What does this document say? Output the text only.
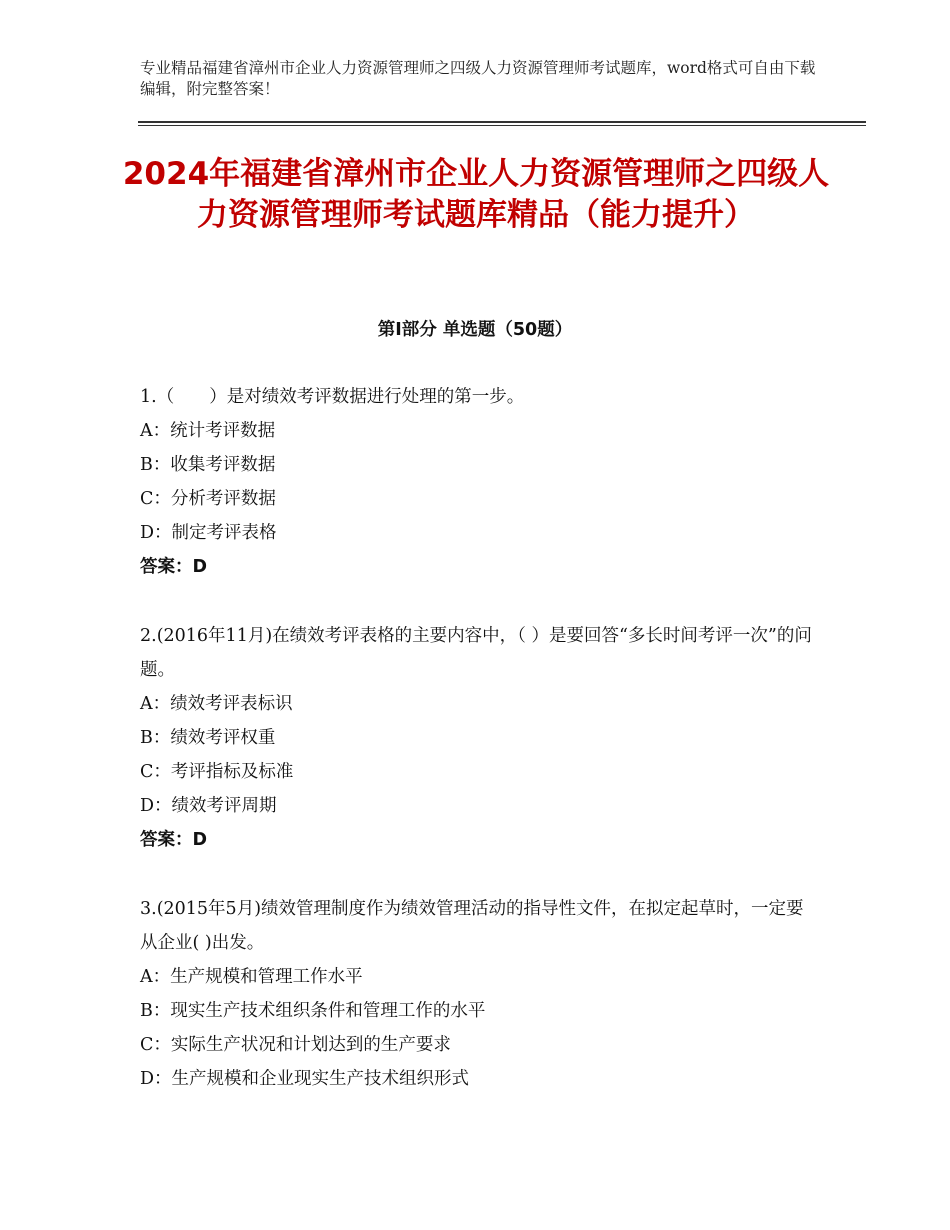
专业精品福建省漳州市企业人力资源管理师之四级人力资源管理师考试题库，word格式可自由下载编辑，附完整答案！
2024年福建省漳州市企业人力资源管理师之四级人力资源管理师考试题库精品（能力提升）
第Ⅰ部分 单选题（50题）
1.（　　）是对绩效考评数据进行处理的第一步。
A：统计考评数据
B：收集考评数据
C：分析考评数据
D：制定考评表格
答案：D
2.(2016年11月)在绩效考评表格的主要内容中，（ ）是要回答“多长时间考评一次”的问题。
A：绩效考评表标识
B：绩效考评权重
C：考评指标及标准
D：绩效考评周期
答案：D
3.(2015年5月)绩效管理制度作为绩效管理活动的指导性文件，在拟定起草时，一定要从企业( )出发。
A：生产规模和管理工作水平
B：现实生产技术组织条件和管理工作的水平
C：实际生产状况和计划达到的生产要求
D：生产规模和企业现实生产技术组织形式
